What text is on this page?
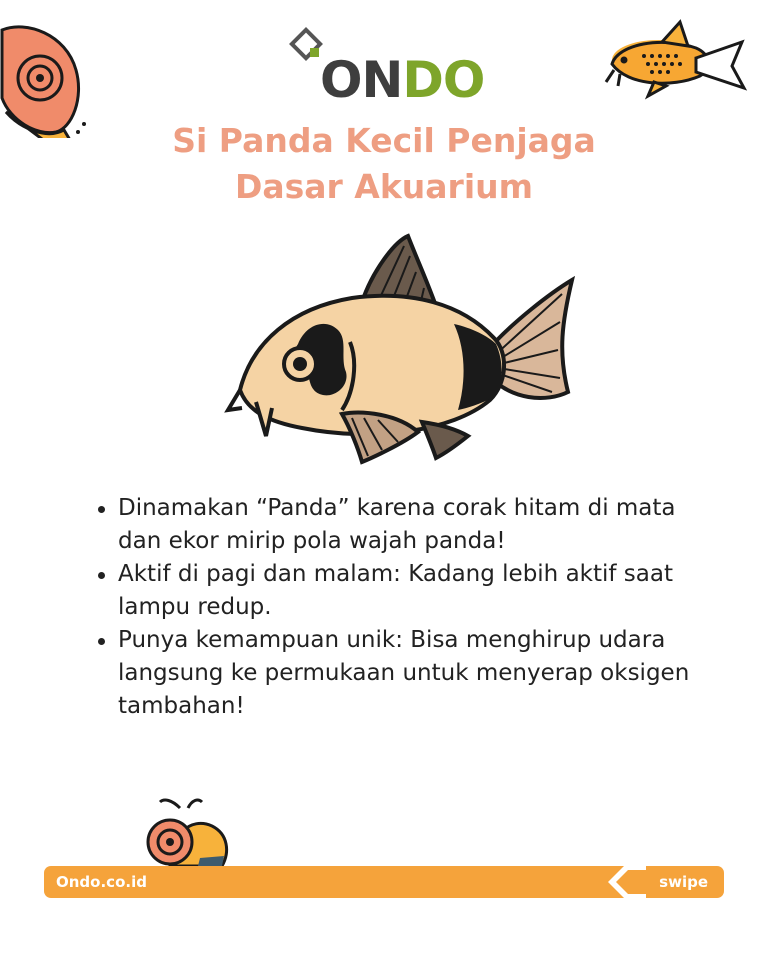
ONDO
Si Panda Kecil Penjaga
Dasar Akuarium
Dinamakan “Panda” karena corak hitam di mata dan ekor mirip pola wajah panda!
Aktif di pagi dan malam: Kadang lebih aktif saat lampu redup.
Punya kemampuan unik: Bisa menghirup udara langsung ke permukaan untuk menyerap oksigen tambahan!
Ondo.co.id	swipe
